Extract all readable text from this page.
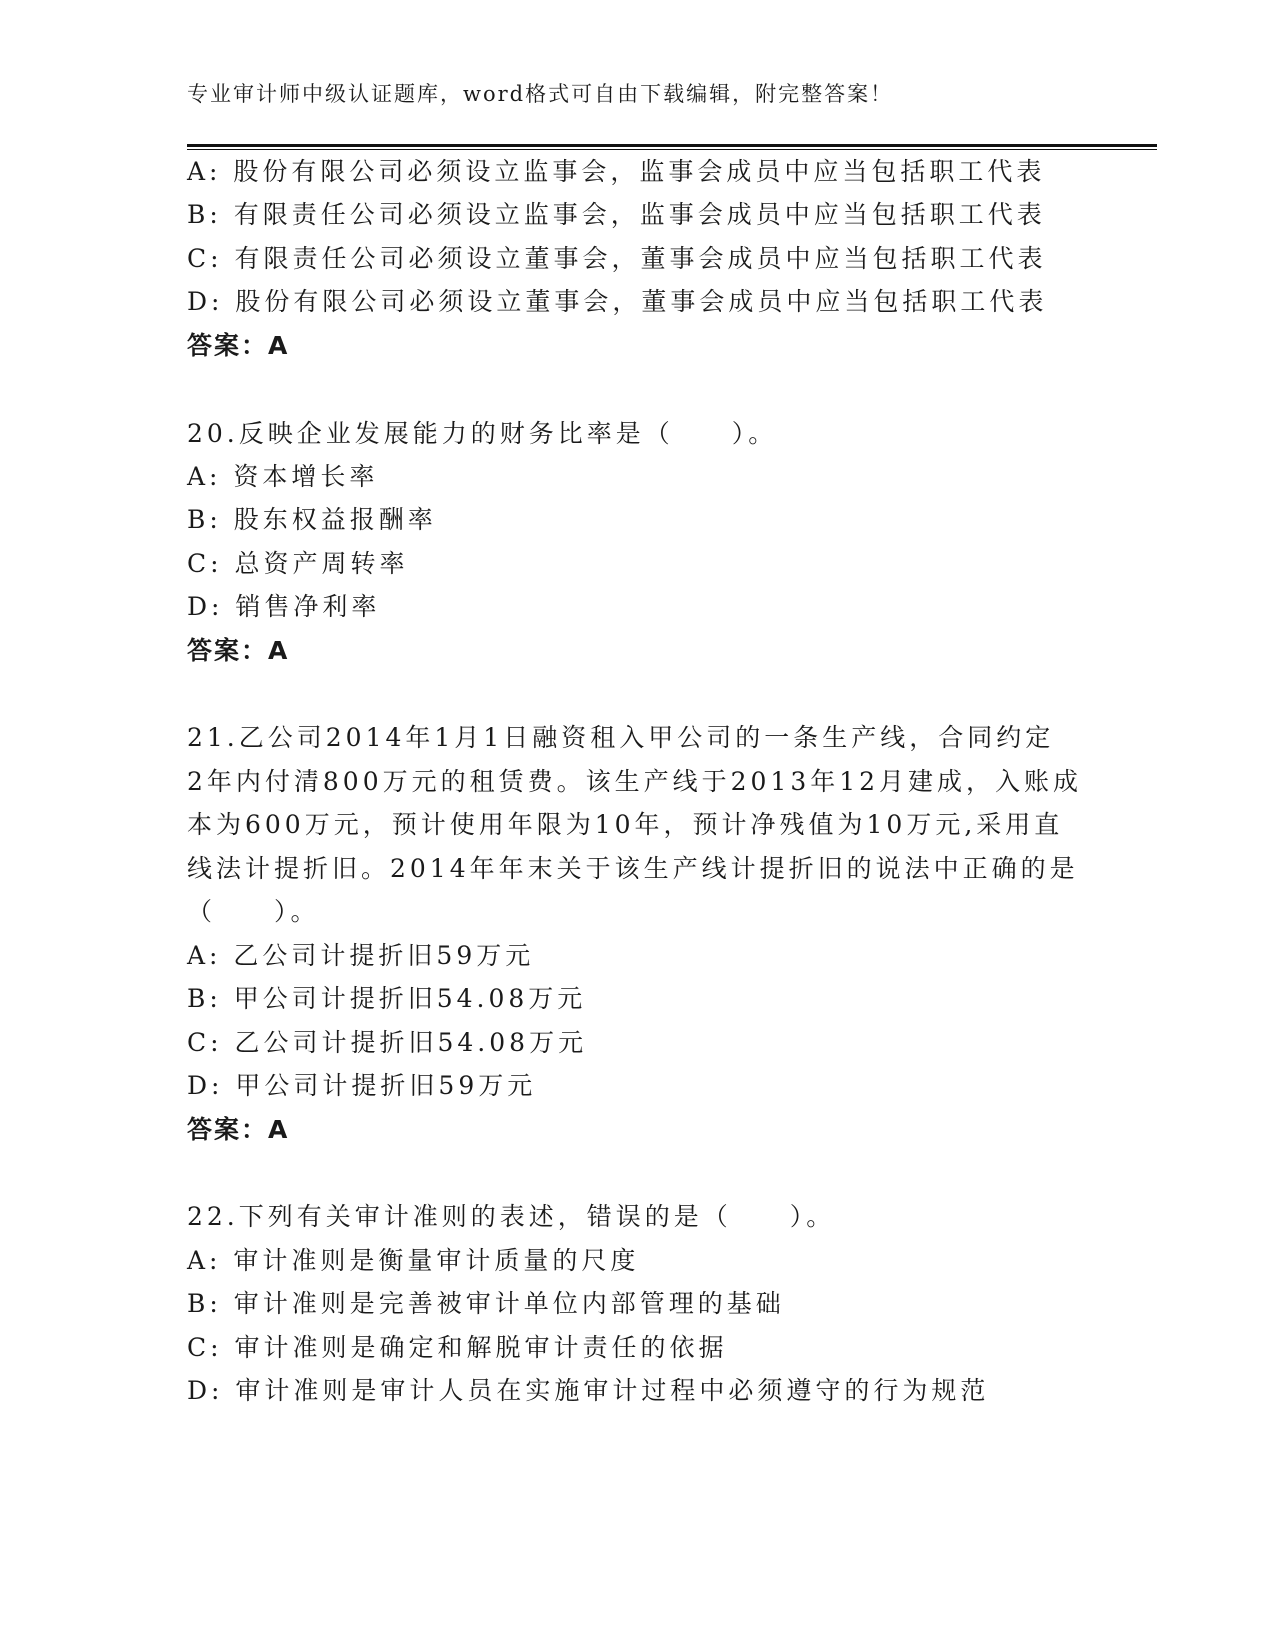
专业审计师中级认证题库，word格式可自由下载编辑，附完整答案！
A: 股份有限公司必须设立监事会，监事会成员中应当包括职工代表
B: 有限责任公司必须设立监事会，监事会成员中应当包括职工代表
C: 有限责任公司必须设立董事会，董事会成员中应当包括职工代表
D: 股份有限公司必须设立董事会，董事会成员中应当包括职工代表
答案：A
20.反映企业发展能力的财务比率是（　　）。
A: 资本增长率
B: 股东权益报酬率
C: 总资产周转率
D: 销售净利率
答案：A
21.乙公司2014年1月1日融资租入甲公司的一条生产线，合同约定
2年内付清800万元的租赁费。该生产线于2013年12月建成，入账成
本为600万元，预计使用年限为10年，预计净残值为10万元,采用直
线法计提折旧。2014年年末关于该生产线计提折旧的说法中正确的是
（　　）。
A: 乙公司计提折旧59万元
B: 甲公司计提折旧54.08万元
C: 乙公司计提折旧54.08万元
D: 甲公司计提折旧59万元
答案：A
22.下列有关审计准则的表述，错误的是（　　）。
A: 审计准则是衡量审计质量的尺度
B: 审计准则是完善被审计单位内部管理的基础
C: 审计准则是确定和解脱审计责任的依据
D: 审计准则是审计人员在实施审计过程中必须遵守的行为规范
